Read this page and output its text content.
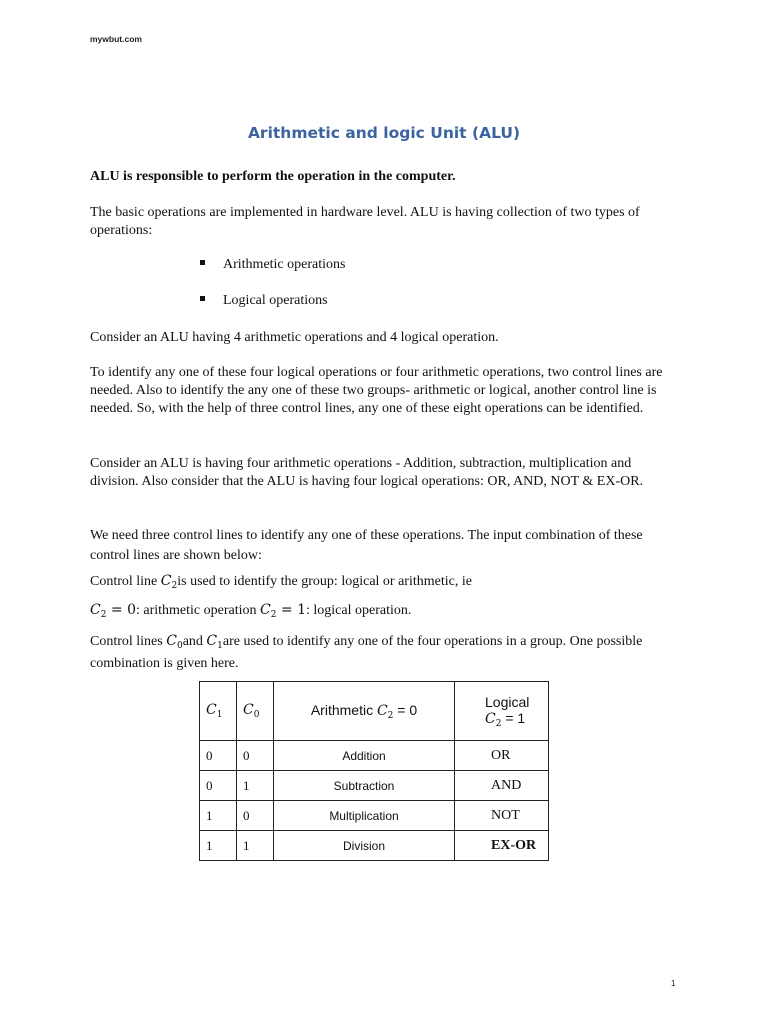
mywbut.com
Arithmetic and logic Unit (ALU)
ALU is responsible to perform the operation in the computer.
The basic operations are implemented in hardware level. ALU is having collection of two types of operations:
Arithmetic operations
Logical operations
Consider an ALU having 4 arithmetic operations and 4 logical operation.
To identify any one of these four logical operations or four arithmetic operations, two control lines are needed. Also to identify the any one of these two groups- arithmetic or logical, another control line is needed. So, with the help of three control lines, any one of these eight operations can be identified.
Consider an ALU is having four arithmetic operations - Addition, subtraction, multiplication and division. Also consider that the ALU is having four logical operations: OR, AND, NOT & EX-OR.
We need three control lines to identify any one of these operations. The input combination of these control lines are shown below:
Control line $C_2is$ used to identify the group: logical or arithmetic, ie
$C_2 = 0$: arithmetic operation $C_2 = 1$: logical operation.
Control lines $C_0and$ $C_1are$ used to identify any one of the four operations in a group. One possible combination is given here.
$C_1$	$C_0$	Arithmetic $C_2 = 0$	Logical $C_2 = 1$
0	0	Addition	OR
0	1	Subtraction	AND
1	0	Multiplication	NOT
1	1	Division	EX-OR
1
